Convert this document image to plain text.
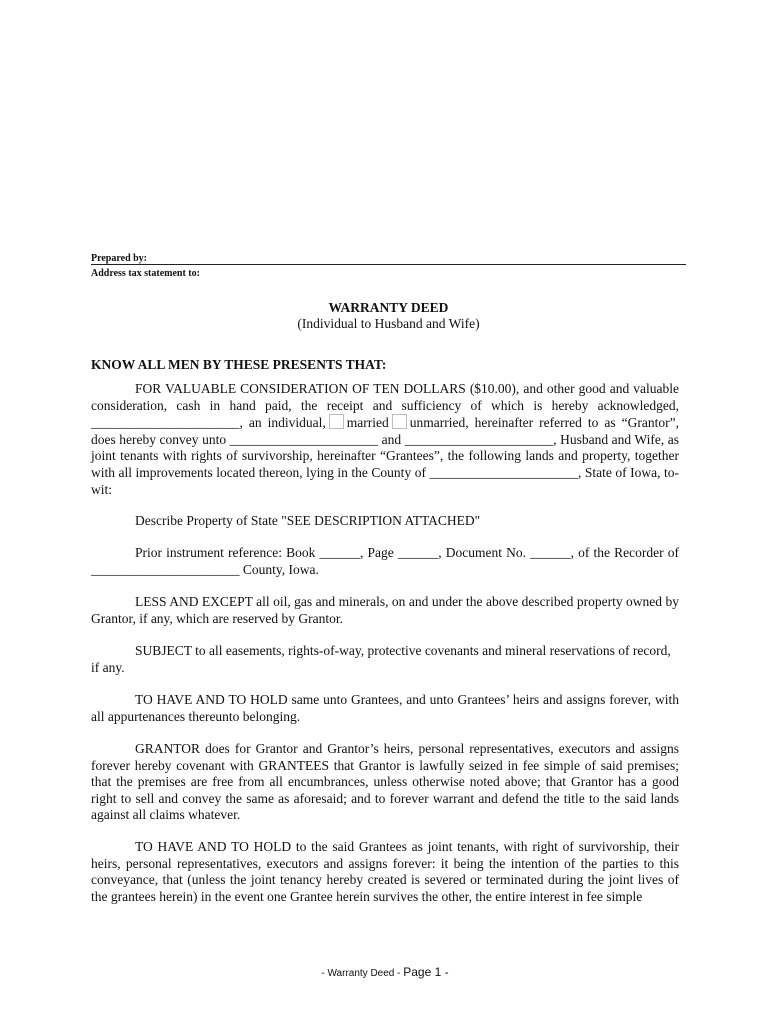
Prepared by:
Address tax statement to:
WARRANTY DEED
(Individual to Husband and Wife)
KNOW ALL MEN BY THESE PRESENTS THAT:
FOR VALUABLE CONSIDERATION OF TEN DOLLARS ($10.00), and other good and valuable consideration, cash in hand paid, the receipt and sufficiency of which is hereby acknowledged, ______________________, an individual, married unmarried, hereinafter referred to as “Grantor”, does hereby convey unto ______________________ and ______________________, Husband and Wife, as joint tenants with rights of survivorship, hereinafter “Grantees”, the following lands and property, together with all improvements located thereon, lying in the County of ______________________, State of Iowa, to-wit:
Describe Property of State "SEE DESCRIPTION ATTACHED"
Prior instrument reference: Book ______, Page ______, Document No. ______, of the Recorder of ______________________ County, Iowa.
LESS AND EXCEPT all oil, gas and minerals, on and under the above described property owned by Grantor, if any, which are reserved by Grantor.
SUBJECT to all easements, rights-of-way, protective covenants and mineral reservations of record, if any.
TO HAVE AND TO HOLD same unto Grantees, and unto Grantees’ heirs and assigns forever, with all appurtenances thereunto belonging.
GRANTOR does for Grantor and Grantor’s heirs, personal representatives, executors and assigns forever hereby covenant with GRANTEES that Grantor is lawfully seized in fee simple of said premises; that the premises are free from all encumbrances, unless otherwise noted above; that Grantor has a good right to sell and convey the same as aforesaid; and to forever warrant and defend the title to the said lands against all claims whatever.
TO HAVE AND TO HOLD to the said Grantees as joint tenants, with right of survivorship, their heirs, personal representatives, executors and assigns forever: it being the intention of the parties to this conveyance, that (unless the joint tenancy hereby created is severed or terminated during the joint lives of the grantees herein) in the event one Grantee herein survives the other, the entire interest in fee simple
- Warranty Deed - Page 1 -
